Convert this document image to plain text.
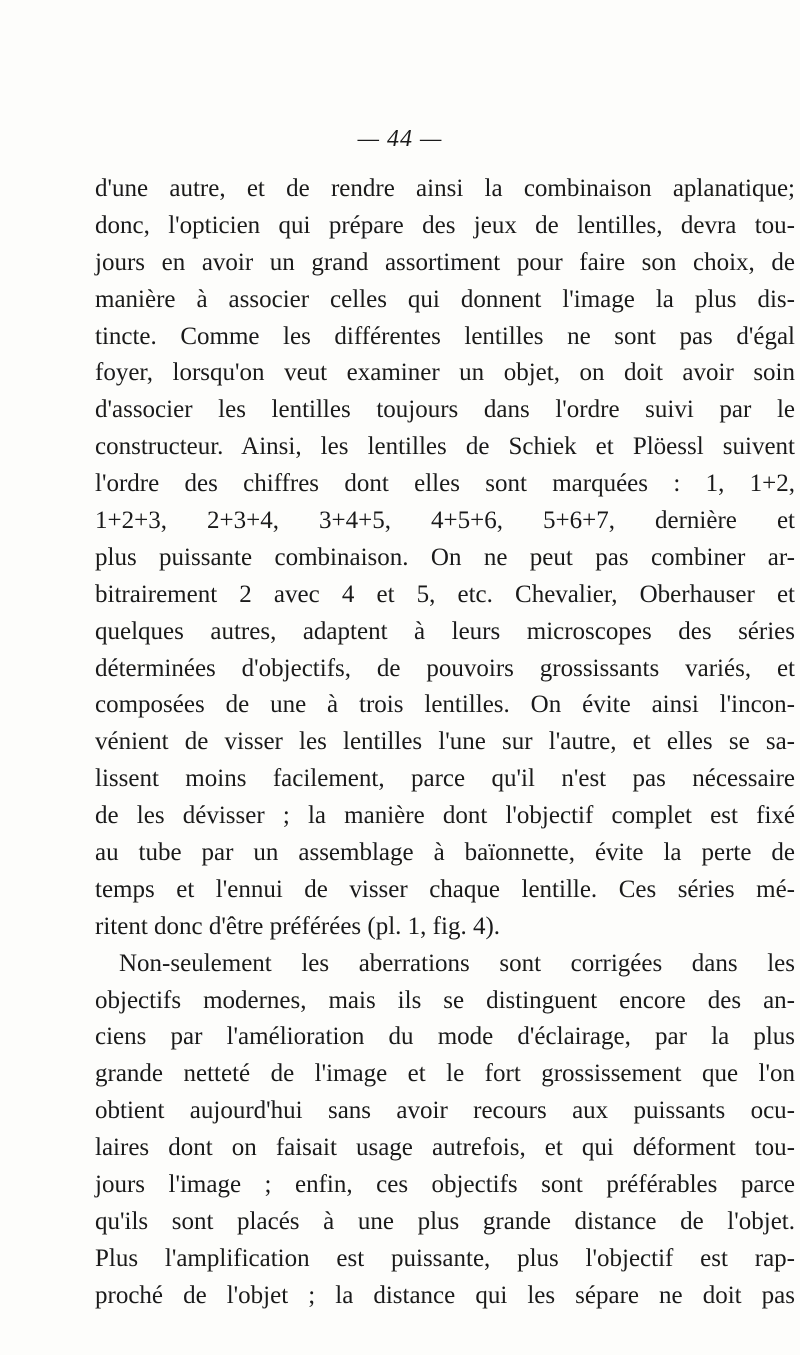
— 44 —
d'une autre, et de rendre ainsi la combinaison aplanatique;
donc, l'opticien qui prépare des jeux de lentilles, devra tou-
jours en avoir un grand assortiment pour faire son choix, de
manière à associer celles qui donnent l'image la plus dis-
tincte. Comme les différentes lentilles ne sont pas d'égal
foyer, lorsqu'on veut examiner un objet, on doit avoir soin
d'associer les lentilles toujours dans l'ordre suivi par le
constructeur. Ainsi, les lentilles de Schiek et Plöessl suivent
l'ordre des chiffres dont elles sont marquées : 1, 1+2,
1+2+3, 2+3+4, 3+4+5, 4+5+6, 5+6+7, dernière et
plus puissante combinaison. On ne peut pas combiner ar-
bitrairement 2 avec 4 et 5, etc. Chevalier, Oberhauser et
quelques autres, adaptent à leurs microscopes des séries
déterminées d'objectifs, de pouvoirs grossissants variés, et
composées de une à trois lentilles. On évite ainsi l'incon-
vénient de visser les lentilles l'une sur l'autre, et elles se sa-
lissent moins facilement, parce qu'il n'est pas nécessaire
de les dévisser ; la manière dont l'objectif complet est fixé
au tube par un assemblage à baïonnette, évite la perte de
temps et l'ennui de visser chaque lentille. Ces séries mé-
ritent donc d'être préférées (pl. 1, fig. 4).
Non-seulement les aberrations sont corrigées dans les
objectifs modernes, mais ils se distinguent encore des an-
ciens par l'amélioration du mode d'éclairage, par la plus
grande netteté de l'image et le fort grossissement que l'on
obtient aujourd'hui sans avoir recours aux puissants ocu-
laires dont on faisait usage autrefois, et qui déforment tou-
jours l'image ; enfin, ces objectifs sont préférables parce
qu'ils sont placés à une plus grande distance de l'objet.
Plus l'amplification est puissante, plus l'objectif est rap-
proché de l'objet ; la distance qui les sépare ne doit pas
